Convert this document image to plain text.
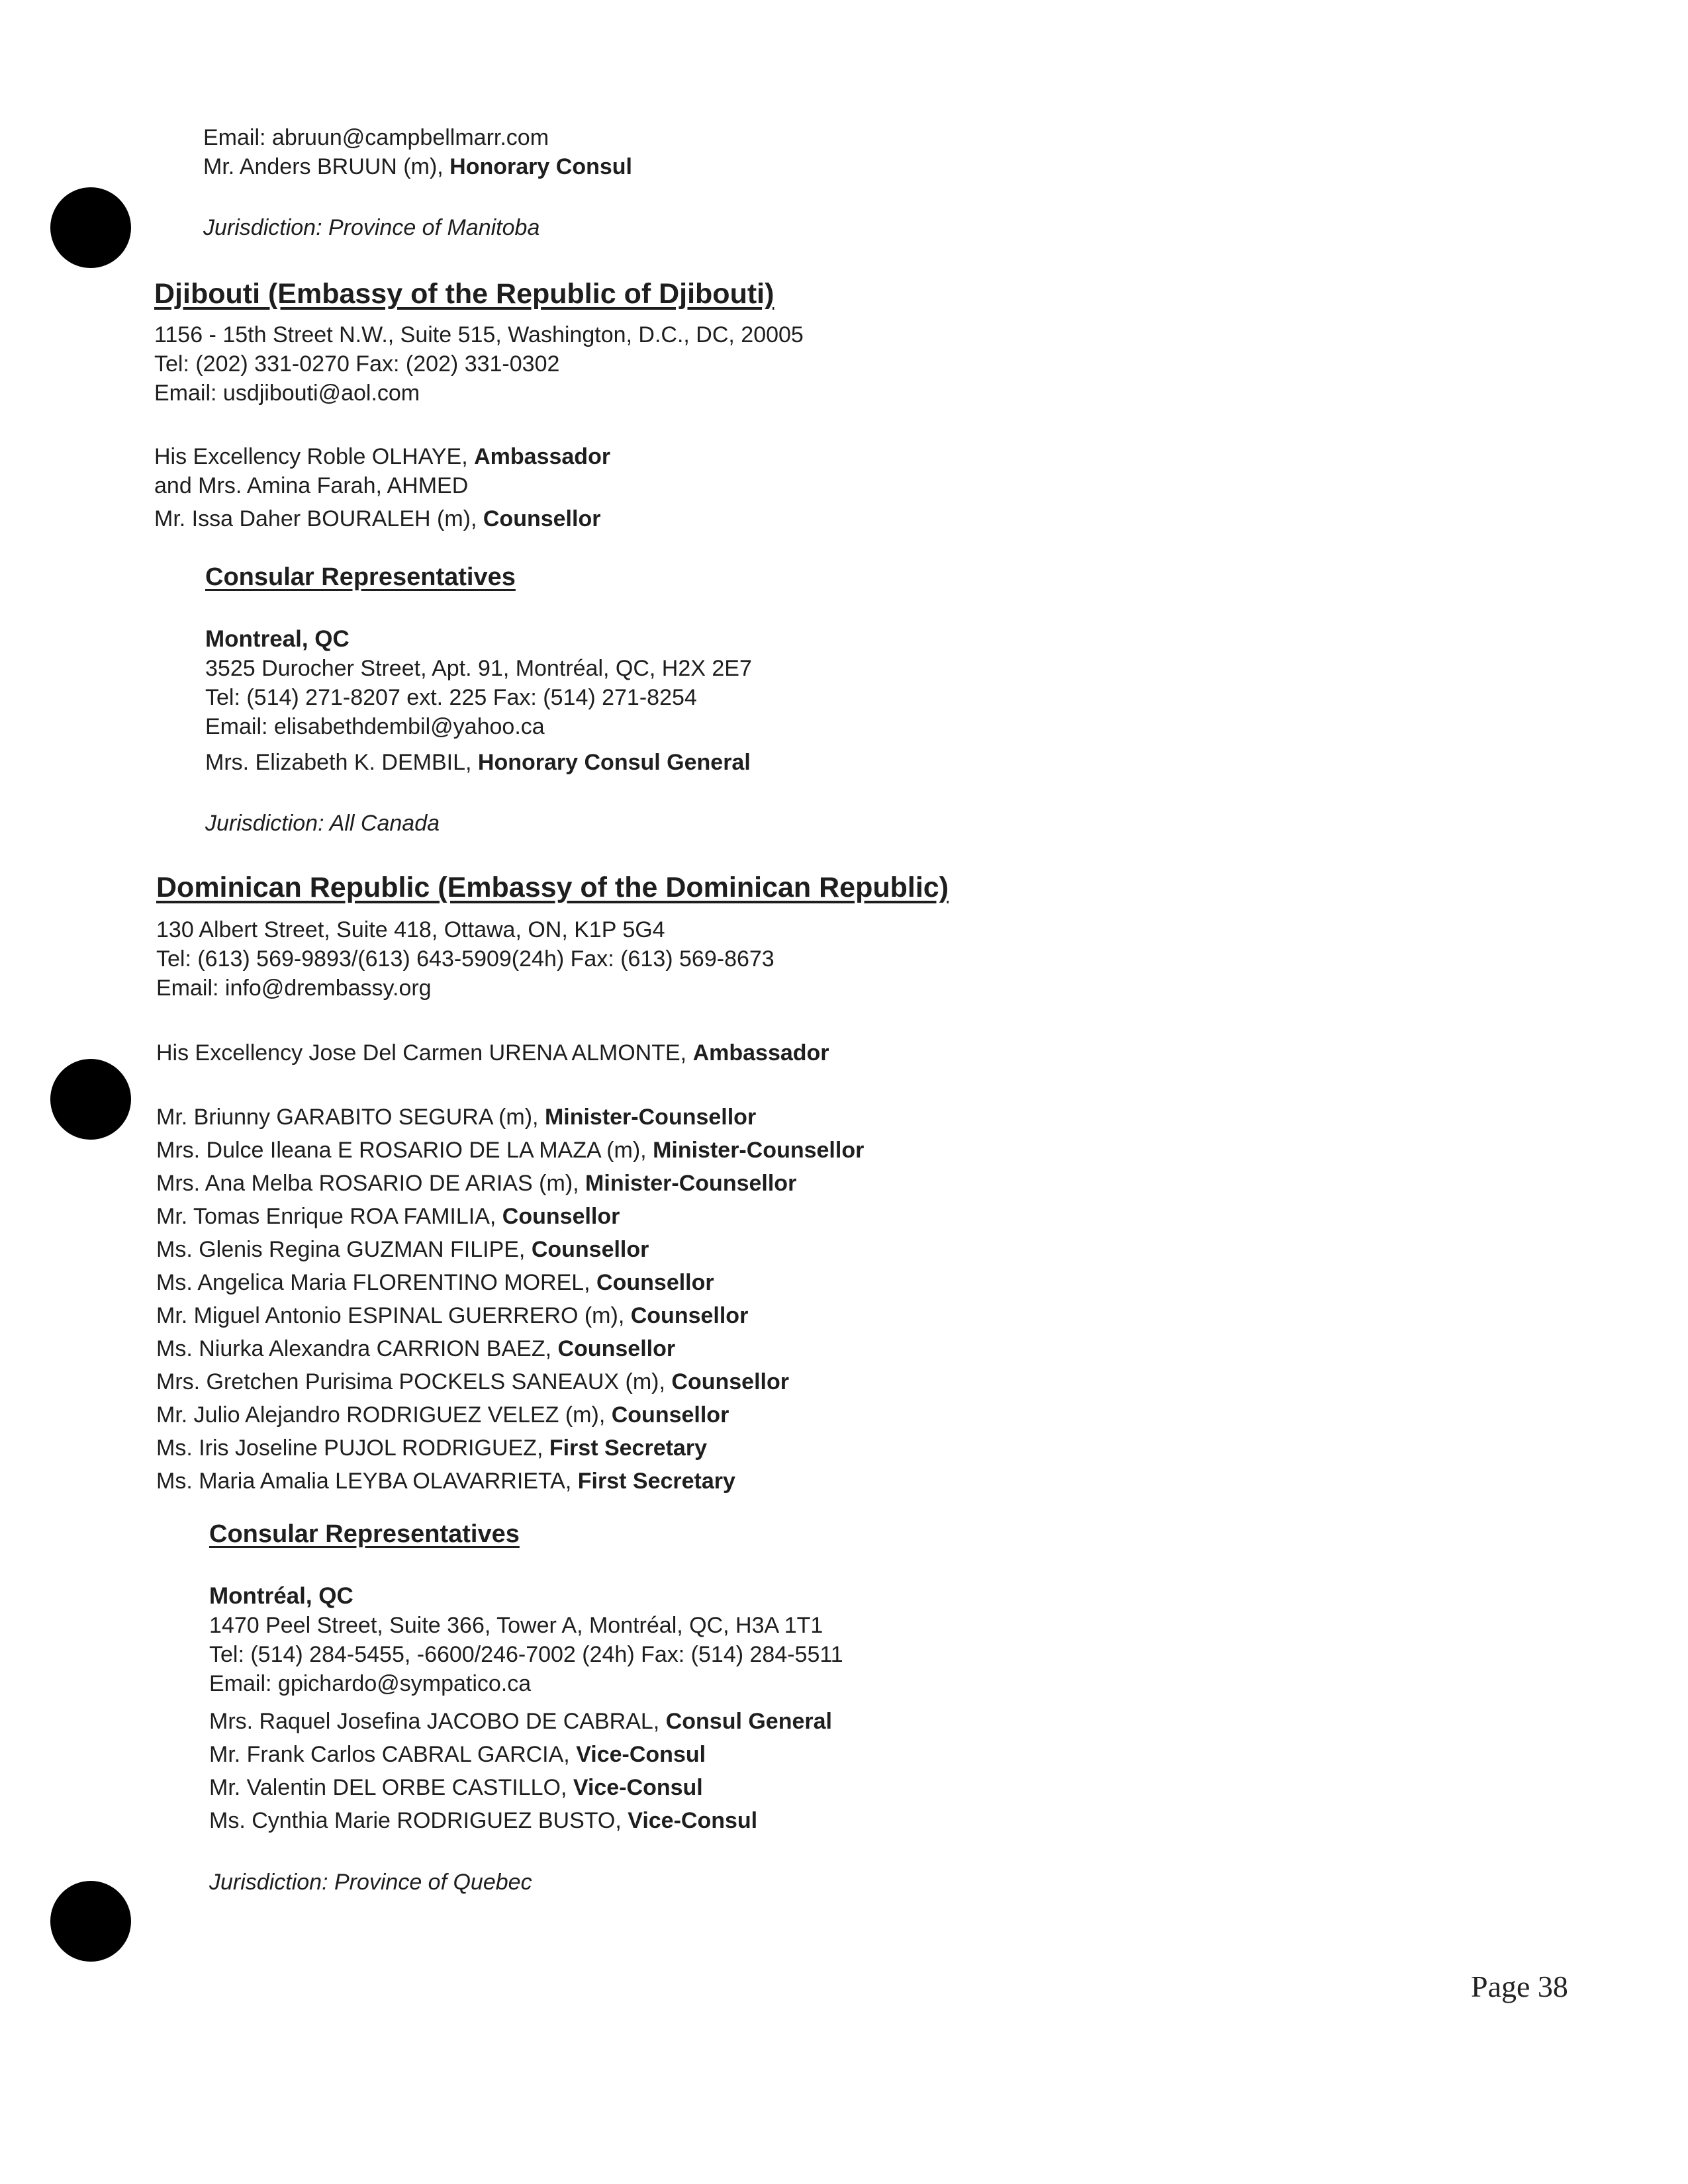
Email: abruun@campbellmarr.com
Mr. Anders BRUUN (m), Honorary Consul
Jurisdiction: Province of Manitoba
Djibouti (Embassy of the Republic of Djibouti)
1156 - 15th Street N.W., Suite 515, Washington, D.C., DC, 20005
Tel: (202) 331-0270 Fax: (202) 331-0302
Email: usdjibouti@aol.com
His Excellency Roble OLHAYE, Ambassador
and Mrs. Amina Farah, AHMED
Mr. Issa Daher BOURALEH (m), Counsellor
Consular Representatives
Montreal, QC
3525 Durocher Street, Apt. 91, Montréal, QC, H2X 2E7
Tel: (514) 271-8207 ext. 225 Fax: (514) 271-8254
Email: elisabethdembil@yahoo.ca
Mrs. Elizabeth K. DEMBIL, Honorary Consul General
Jurisdiction: All Canada
Dominican Republic (Embassy of the Dominican Republic)
130 Albert Street, Suite 418, Ottawa, ON, K1P 5G4
Tel: (613) 569-9893/(613) 643-5909(24h) Fax: (613) 569-8673
Email: info@drembassy.org
His Excellency Jose Del Carmen URENA ALMONTE, Ambassador
Mr. Briunny GARABITO SEGURA (m), Minister-Counsellor
Mrs. Dulce Ileana E ROSARIO DE LA MAZA (m), Minister-Counsellor
Mrs. Ana Melba ROSARIO DE ARIAS (m), Minister-Counsellor
Mr. Tomas Enrique ROA FAMILIA, Counsellor
Ms. Glenis Regina GUZMAN FILIPE, Counsellor
Ms. Angelica Maria FLORENTINO MOREL, Counsellor
Mr. Miguel Antonio ESPINAL GUERRERO (m), Counsellor
Ms. Niurka Alexandra CARRION BAEZ, Counsellor
Mrs. Gretchen Purisima POCKELS SANEAUX (m), Counsellor
Mr. Julio Alejandro RODRIGUEZ VELEZ (m), Counsellor
Ms. Iris Joseline PUJOL RODRIGUEZ, First Secretary
Ms. Maria Amalia LEYBA OLAVARRIETA, First Secretary
Consular Representatives
Montréal, QC
1470 Peel Street, Suite 366, Tower A, Montréal, QC, H3A 1T1
Tel: (514) 284-5455, -6600/246-7002 (24h) Fax: (514) 284-5511
Email: gpichardo@sympatico.ca
Mrs. Raquel Josefina JACOBO DE CABRAL, Consul General
Mr. Frank Carlos CABRAL GARCIA, Vice-Consul
Mr. Valentin DEL ORBE CASTILLO, Vice-Consul
Ms. Cynthia Marie RODRIGUEZ BUSTO, Vice-Consul
Jurisdiction: Province of Quebec
Page 38
